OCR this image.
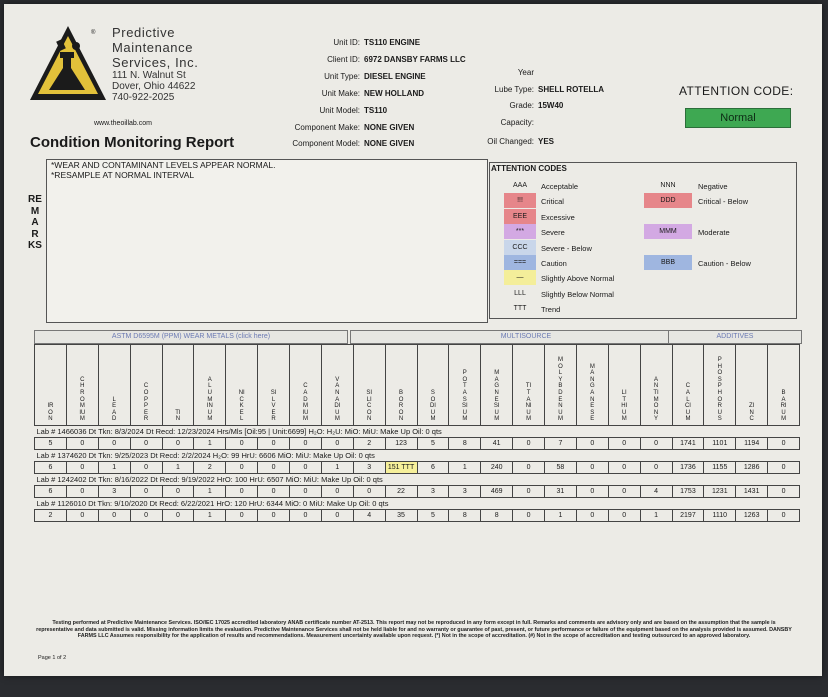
® Predictive
Maintenance
Services, Inc.
111 N. Walnut St
Dover, Ohio 44622
740-922-2025
www.theoillab.com
Condition Monitoring Report
Unit ID: TS110 ENGINE
Client ID: 6972 DANSBY FARMS LLC
Unit Type: DIESEL ENGINE
Unit Make: NEW HOLLAND
Unit Model: TS110
Component Make: NONE GIVEN
Component Model: NONE GIVEN
Year
Lube Type: SHELL ROTELLA
Grade: 15W40
Capacity:
Oil Changed: YES
ATTENTION CODE:
Normal
REMARKS
*WEAR AND CONTAMINANT LEVELS APPEAR NORMAL.
*RESAMPLE AT NORMAL INTERVAL
ATTENTION CODES
AAA	Acceptable
!!!	Critical
EEE	Excessive
***	Severe
CCC	Severe - Below
===	Caution
—	Slightly Above Normal
LLL	Slightly Below Normal
TTT	Trend
NNN	Negative
DDD	Critical - Below
MMM	Moderate
BBB	Caution - Below
ASTM D6595M (PPM) WEAR METALS (click here)	MULTISOURCE	ADDITIVES
IRON	CHROMIUM	LEAD	COPPER	TIN	ALUMINUM	NICKEL	SILVER	CADMIUM	VANADIUM	SILICON	BORON	SODIUM	POTASSIUM	MAGNESIUM	TITANIUM	MOLYBDENUM	MANGANESE	LITHIUM	ANTIMONY	CALCIUM	PHOSPHORUS	ZINC	BARIUM

Lab # 1466036 Dt Tkn: 8/3/2024 Dt Recd: 12/23/2024 Hrs/Mls [Oil:95 | Unit:6699] H₂O: H₂U: MiO: MiU: Make Up Oil: 0 qts																							
5	0	0	0	0	1	0	0	0	0	2	123	5	8	41	0	7	0	0	0	1741	1101	1194	0
Lab # 1374620 Dt Tkn: 9/25/2023 Dt Recd: 2/2/2024 H₂O: 99 HrU: 6606 MiO: MiU: Make Up Oil: 0 qts																							
6	0	1	0	1	2	0	0	0	1	3	151 TTT	6	1	240	0	58	0	0	0	1736	1155	1286	0
Lab # 1242402 Dt Tkn: 8/16/2022 Dt Recd: 9/19/2022 HrO: 100 HrU: 6507 MiO: MiU: Make Up Oil: 0 qts																							
6	0	3	0	0	1	0	0	0	0	0	22	3	3	469	0	31	0	0	4	1753	1231	1431	0
Lab # 1126010 Dt Tkn: 9/10/2020 Dt Recd: 6/22/2021 HrO: 120 HrU: 6344 MiO: 0 MiU: Make Up Oil: 0 qts																							
2	0	0	0	0	1	0	0	0	0	4	35	5	8	8	0	1	0	0	1	2197	1110	1263	0
Testing performed at Predictive Maintenance Services. ISO/IEC 17025 accredited laboratory ANAB certificate number AT-2513. This report may not be reproduced in any form except in full. Remarks and comments are advisory only and are based on the assumption that the sample is representative and data submitted is valid. Missing information limits the evaluation. Predictive Maintenance Services shall not be held liable for and no warranty or guarantee of past, present, or future performance or failure of the equipment based on the analysis provided is assumed. DANSBY FARMS LLC Assumes responsibility for the application of results and recommendations. Measurement uncertainty available upon request. (*) Not in the scope of accreditation. (#) Not in the scope of accreditation and testing outsourced to an approved laboratory.
Page 1 of 2
